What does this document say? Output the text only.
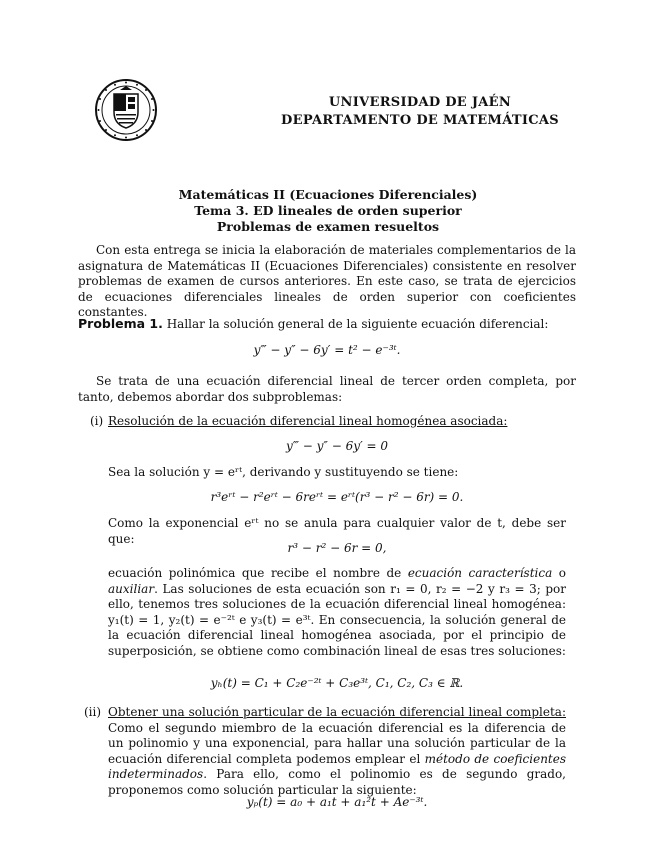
UNIVERSIDAD DE JAÉN
DEPARTAMENTO DE MATEMÁTICAS
Matemáticas II (Ecuaciones Diferenciales)
Tema 3. ED lineales de orden superior
Problemas de examen resueltos
Con esta entrega se inicia la elaboración de materiales complementarios de la asignatura de Matemáticas II (Ecuaciones Diferenciales) consistente en resolver problemas de examen de cursos anteriores. En este caso, se trata de ejercicios de ecuaciones diferenciales lineales de orden superior con coeficientes constantes.
Problema 1. Hallar la solución general de la siguiente ecuación diferencial:
y‴ − y″ − 6y′ = t² − e⁻³ᵗ.
Se trata de una ecuación diferencial lineal de tercer orden completa, por tanto, debemos abordar dos subproblemas:
(i) Resolución de la ecuación diferencial lineal homogénea asociada:
y‴ − y″ − 6y′ = 0
Sea la solución y = eʳᵗ, derivando y sustituyendo se tiene:
r³eʳᵗ − r²eʳᵗ − 6reʳᵗ = eʳᵗ(r³ − r² − 6r) = 0.
Como la exponencial eʳᵗ no se anula para cualquier valor de t, debe ser que:
r³ − r² − 6r = 0,
ecuación polinómica que recibe el nombre de ecuación característica o auxiliar. Las soluciones de esta ecuación son r₁ = 0, r₂ = −2 y r₃ = 3; por ello, tenemos tres soluciones de la ecuación diferencial lineal homogénea: y₁(t) = 1, y₂(t) = e⁻²ᵗ e y₃(t) = e³ᵗ. En consecuencia, la solución general de la ecuación diferencial lineal homogénea asociada, por el principio de superposición, se obtiene como combinación lineal de esas tres soluciones:
yₕ(t) = C₁ + C₂e⁻²ᵗ + C₃e³ᵗ, C₁, C₂, C₃ ∈ ℝ.
(ii) Obtener una solución particular de la ecuación diferencial lineal completa: Como el segundo miembro de la ecuación diferencial es la diferencia de un polinomio y una exponencial, para hallar una solución particular de la ecuación diferencial completa podemos emplear el método de coeficientes indeterminados. Para ello, como el polinomio es de segundo grado, proponemos como solución particular la siguiente:
yₚ(t) = a₀ + a₁t + a₁²t + Ae⁻³ᵗ.
